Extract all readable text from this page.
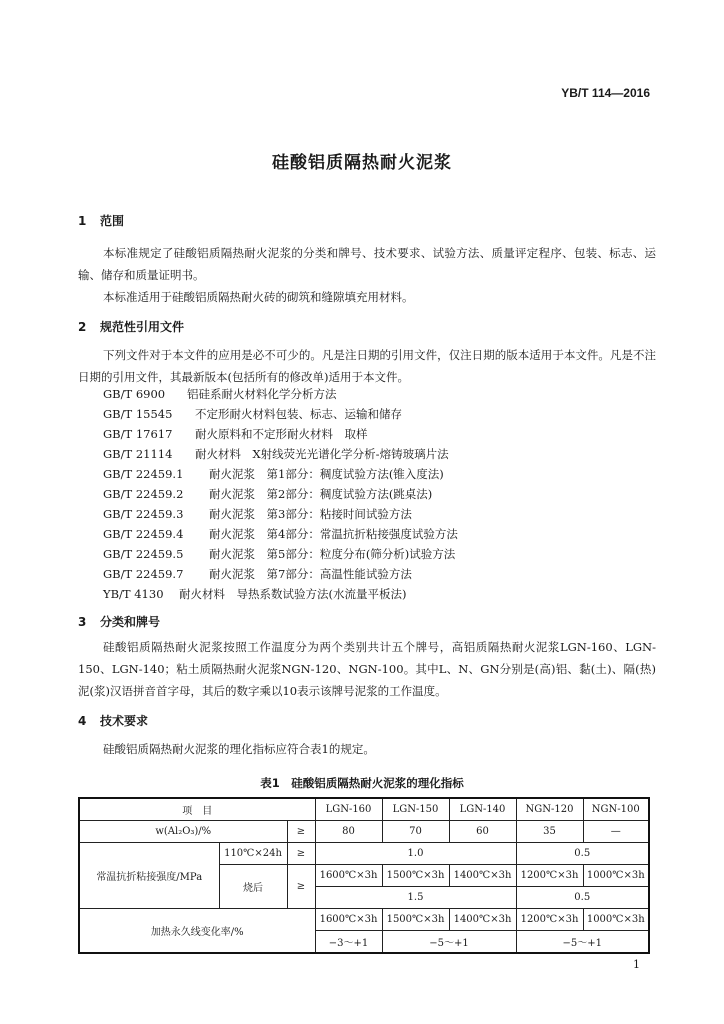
YB/T 114—2016
硅酸铝质隔热耐火泥浆
1 范围
本标准规定了硅酸铝质隔热耐火泥浆的分类和牌号、技术要求、试验方法、质量评定程序、包装、标志、运输、储存和质量证明书。
本标准适用于硅酸铝质隔热耐火砖的砌筑和缝隙填充用材料。
2 规范性引用文件
下列文件对于本文件的应用是必不可少的。凡是注日期的引用文件，仅注日期的版本适用于本文件。凡是不注日期的引用文件，其最新版本(包括所有的修改单)适用于本文件。
GB/T 6900 铝硅系耐火材料化学分析方法
GB/T 15545 不定形耐火材料包装、标志、运输和储存
GB/T 17617 耐火原料和不定形耐火材料　取样
GB/T 21114 耐火材料　X射线荧光光谱化学分析-熔铸玻璃片法
GB/T 22459.1 耐火泥浆　第1部分：稠度试验方法(锥入度法)
GB/T 22459.2 耐火泥浆　第2部分：稠度试验方法(跳桌法)
GB/T 22459.3 耐火泥浆　第3部分：粘接时间试验方法
GB/T 22459.4 耐火泥浆　第4部分：常温抗折粘接强度试验方法
GB/T 22459.5 耐火泥浆　第5部分：粒度分布(筛分析)试验方法
GB/T 22459.7 耐火泥浆　第7部分：高温性能试验方法
YB/T 4130 耐火材料　导热系数试验方法(水流量平板法)
3 分类和牌号
硅酸铝质隔热耐火泥浆按照工作温度分为两个类别共计五个牌号，高铝质隔热耐火泥浆LGN-160、LGN-150、LGN-140；粘土质隔热耐火泥浆NGN-120、NGN-100。其中L、N、GN分别是(高)铝、黏(土)、隔(热)泥(浆)汉语拼音首字母，其后的数字乘以10表示该牌号泥浆的工作温度。
4 技术要求
硅酸铝质隔热耐火泥浆的理化指标应符合表1的规定。
表1　硅酸铝质隔热耐火泥浆的理化指标
项　目			LGN-160	LGN-150	LGN-140	NGN-120	NGN-100
w(Al₂O₃)/%		≥	80	70	60	35	—
常温抗折粘接强度/MPa	110℃×24h	≥	1.0			0.5	
	烧后	≥	1600℃×3h	1500℃×3h	1400℃×3h	1200℃×3h	1000℃×3h
			1.5			0.5	
加热永久线变化率/%			1600℃×3h	1500℃×3h	1400℃×3h	1200℃×3h	1000℃×3h
			−3～+1	−5～+1		−5～+1	
1
